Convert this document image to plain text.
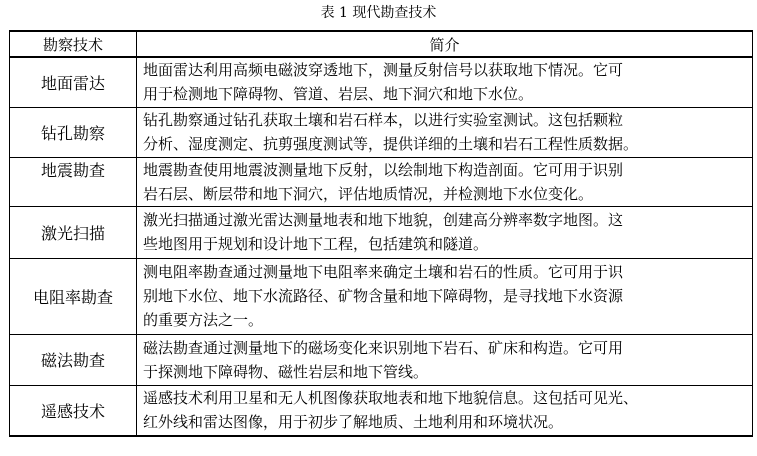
表 1 现代勘查技术
勘察技术	简介
地面雷达	地面雷达利用高频电磁波穿透地下，测量反射信号以获取地下情况。它可
用于检测地下障碍物、管道、岩层、地下洞穴和地下水位。

钻孔勘察	钻孔勘察通过钻孔获取土壤和岩石样本，以进行实验室测试。这包括颗粒
分析、湿度测定、抗剪强度测试等，提供详细的土壤和岩石工程性质数据。

地震勘查	地震勘查使用地震波测量地下反射，以绘制地下构造剖面。它可用于识别
岩石层、断层带和地下洞穴，评估地质情况，并检测地下水位变化。

激光扫描	激光扫描通过激光雷达测量地表和地下地貌，创建高分辨率数字地图。这
些地图用于规划和设计地下工程，包括建筑和隧道。

电阻率勘查	测电阻率勘查通过测量地下电阻率来确定土壤和岩石的性质。它可用于识
别地下水位、地下水流路径、矿物含量和地下障碍物，是寻找地下水资源
的重要方法之一。

磁法勘查	磁法勘查通过测量地下的磁场变化来识别地下岩石、矿床和构造。它可用
于探测地下障碍物、磁性岩层和地下管线。

遥感技术	遥感技术利用卫星和无人机图像获取地表和地下地貌信息。这包括可见光、
红外线和雷达图像，用于初步了解地质、土地利用和环境状况。
